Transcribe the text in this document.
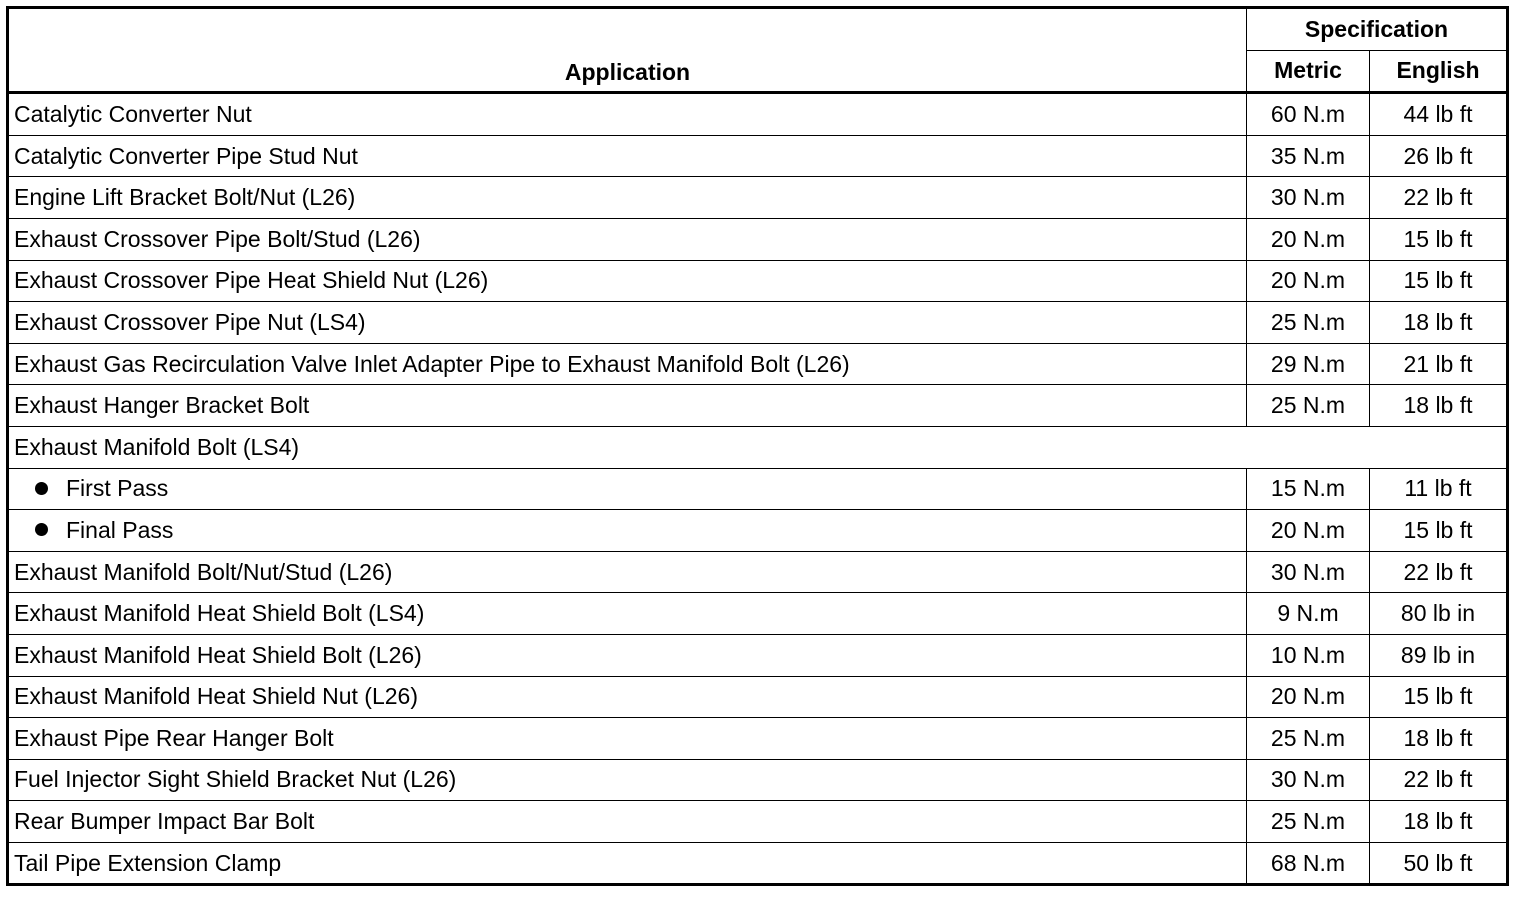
Application	Specification	
	Metric	English
Catalytic Converter Nut	60 N.m	44 lb ft
Catalytic Converter Pipe Stud Nut	35 N.m	26 lb ft
Engine Lift Bracket Bolt/Nut (L26)	30 N.m	22 lb ft
Exhaust Crossover Pipe Bolt/Stud (L26)	20 N.m	15 lb ft
Exhaust Crossover Pipe Heat Shield Nut (L26)	20 N.m	15 lb ft
Exhaust Crossover Pipe Nut (LS4)	25 N.m	18 lb ft
Exhaust Gas Recirculation Valve Inlet Adapter Pipe to Exhaust Manifold Bolt (L26)	29 N.m	21 lb ft
Exhaust Hanger Bracket Bolt	25 N.m	18 lb ft
Exhaust Manifold Bolt (LS4)		
First Pass	15 N.m	11 lb ft
Final Pass	20 N.m	15 lb ft
Exhaust Manifold Bolt/Nut/Stud (L26)	30 N.m	22 lb ft
Exhaust Manifold Heat Shield Bolt (LS4)	9 N.m	80 lb in
Exhaust Manifold Heat Shield Bolt (L26)	10 N.m	89 lb in
Exhaust Manifold Heat Shield Nut (L26)	20 N.m	15 lb ft
Exhaust Pipe Rear Hanger Bolt	25 N.m	18 lb ft
Fuel Injector Sight Shield Bracket Nut (L26)	30 N.m	22 lb ft
Rear Bumper Impact Bar Bolt	25 N.m	18 lb ft
Tail Pipe Extension Clamp	68 N.m	50 lb ft
